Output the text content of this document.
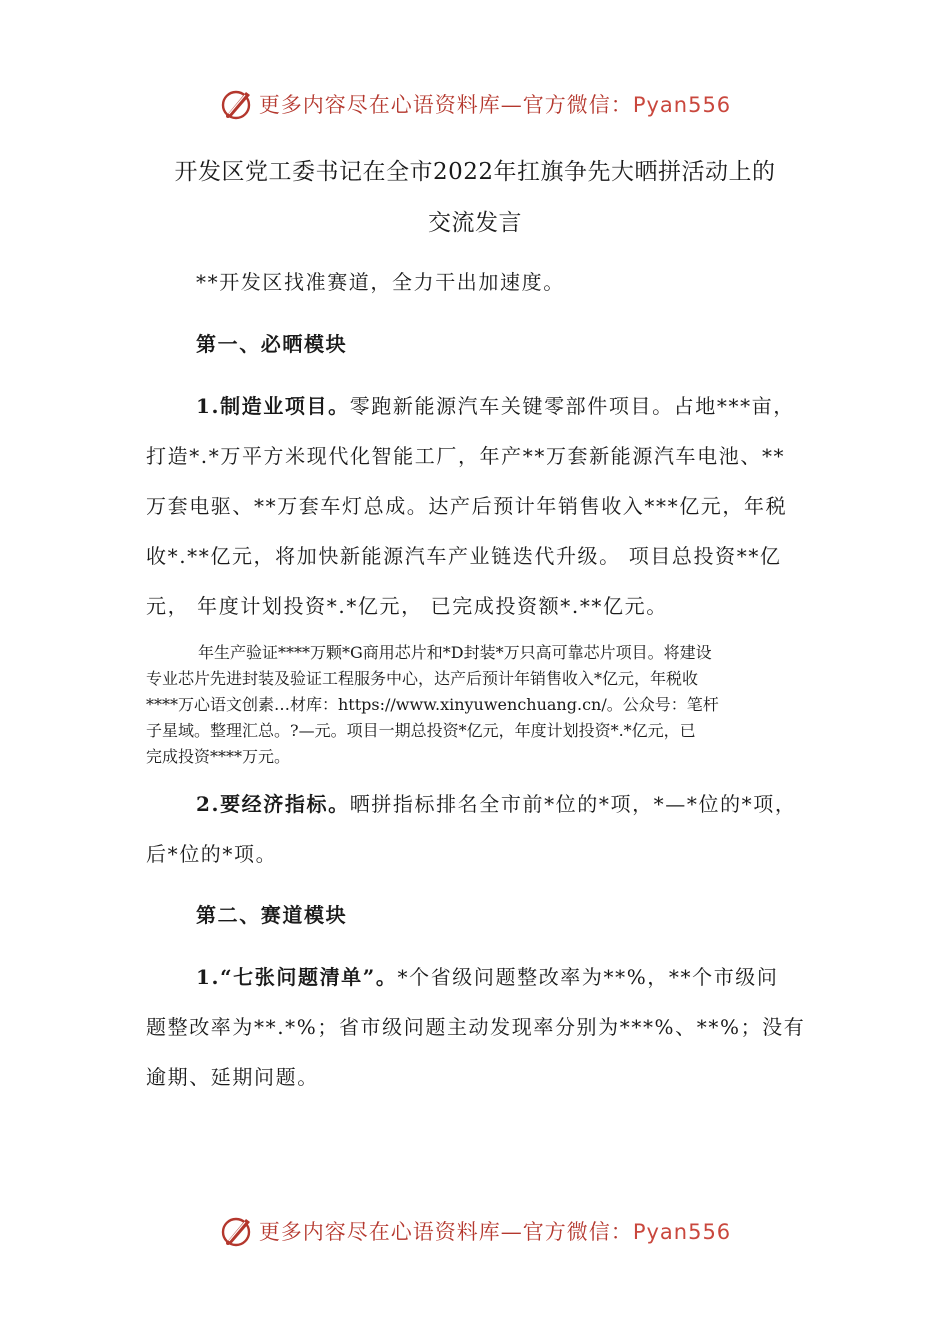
更多内容尽在心语资料库—官方微信：Pyan556
开发区党工委书记在全市2022年扛旗争先大晒拼活动上的
交流发言

**开发区找准赛道，全力干出加速度。

第一、必晒模块

1.制造业项目。零跑新能源汽车关键零部件项目。占地***亩，

打造*.*万平方米现代化智能工厂，年产**万套新能源汽车电池、**

万套电驱、**万套车灯总成。达产后预计年销售收入***亿元，年税

收*.**亿元，将加快新能源汽车产业链迭代升级。 项目总投资**亿

元， 年度计划投资*.*亿元， 已完成投资额*.**亿元。

年生产验证****万颗*G商用芯片和*D封装*万只高可靠芯片项目。将建设

专业芯片先进封装及验证工程服务中心，达产后预计年销售收入*亿元，年税收

****万心语文创素…材库：https://www.xinyuwenchuang.cn/。公众号：笔杆

子星域。整理汇总。?—元。项目一期总投资*亿元，年度计划投资*.*亿元，已

完成投资****万元。

2.要经济指标。晒拼指标排名全市前*位的*项，*—*位的*项，

后*位的*项。

第二、赛道模块

1.“七张问题清单”。*个省级问题整改率为**%，**个市级问

题整改率为**.*%；省市级问题主动发现率分别为***%、**%；没有

逾期、延期问题。

更多内容尽在心语资料库—官方微信：Pyan556
